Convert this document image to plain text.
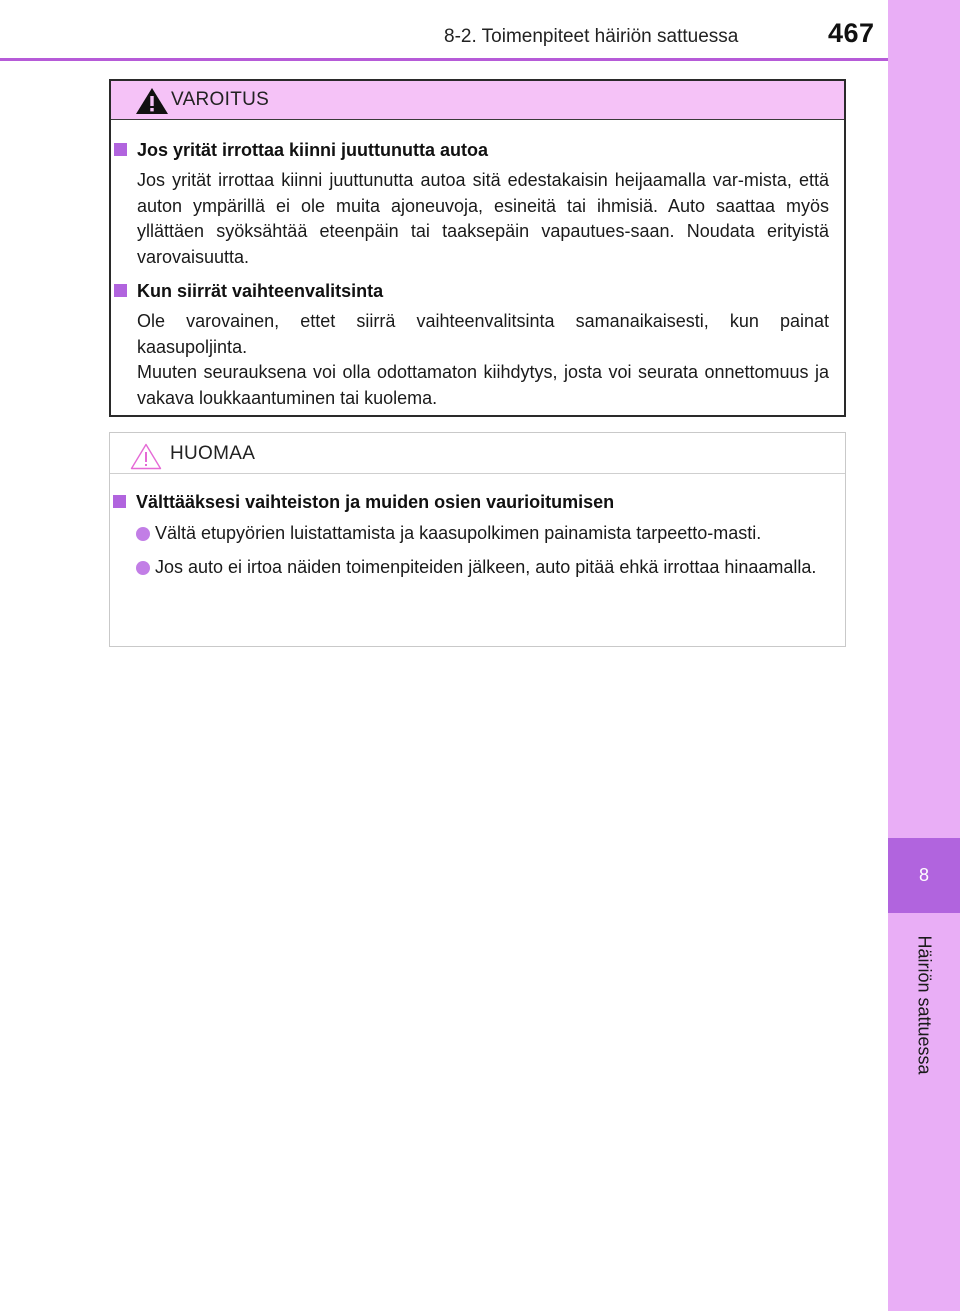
8-2. Toimenpiteet häiriön sattuessa	467
8
Häiriön sattuessa
VAROITUS
Jos yrität irrottaa kiinni juuttunutta autoa

Jos yrität irrottaa kiinni juuttunutta autoa sitä edestakaisin heijaamalla var-mista, että auton ympärillä ei ole muita ajoneuvoja, esineitä tai ihmisiä. Auto saattaa myös yllättäen syöksähtää eteenpäin tai taaksepäin vapautues-saan. Noudata erityistä varovaisuutta.

Kun siirrät vaihteenvalitsinta

Ole varovainen, ettet siirrä vaihteenvalitsinta samanaikaisesti, kun painat kaasupoljinta.

Muuten seurauksena voi olla odottamaton kiihdytys, josta voi seurata onnettomuus ja vakava loukkaantuminen tai kuolema.

HUOMAA
Välttääksesi vaihteiston ja muiden osien vaurioitumisen

Vältä etupyörien luistattamista ja kaasupolkimen painamista tarpeetto-masti.

Jos auto ei irtoa näiden toimenpiteiden jälkeen, auto pitää ehkä irrottaa hinaamalla.
